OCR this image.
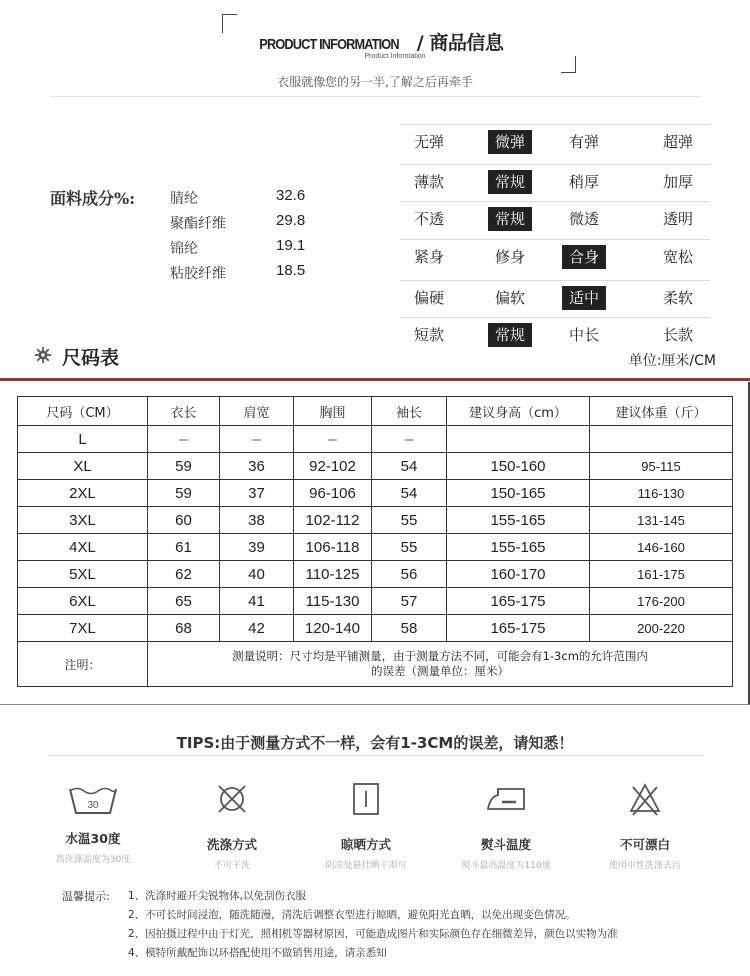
PRODUCT INFORMATION / 商品信息
Product Information
衣服就像您的另一半,了解之后再牵手
面料成分%: 腈纶	32.6
聚酯纤维	29.8
锦纶	19.1
粘胶纤维	18.5
无弹	微弹	有弹	超弹
薄款	常规	稍厚	加厚
不透	常规	微透	透明
紧身	修身	合身	宽松
偏硬	偏软	适中	柔软
短款	常规	中长	长款
尺码表	单位:厘米/CM
尺码（CM）	衣长	肩宽	胸围	袖长	建议身高（cm）	建议体重（斤）
L	–	–	–	–		
XL	59	36	92-102	54	150-160	95-115
2XL	59	37	96-106	54	150-165	116-130
3XL	60	38	102-112	55	155-165	131-145
4XL	61	39	106-118	55	155-165	146-160
5XL	62	40	110-125	56	160-170	161-175
6XL	65	41	115-130	57	165-175	176-200
7XL	68	42	120-140	58	165-175	200-220
注明：	测量说明：尺寸均是平铺测量，由于测量方法不同，可能会有1-3cm的允许范围内
的误差（测量单位：厘米）					
TIPS:由于测量方式不一样，会有1-3CM的误差，请知悉！
30
水温30度
高洗涤温度为30度
洗涤方式
不可干洗
晾晒方式
阴凉处悬挂晒干即可
熨斗温度
熨斗最高温度为110度
不可漂白
使用中性洗涤去污
温馨提示: 1、洗涤时避开尖锐物体,以免刮伤衣服
2、不可长时间浸泡，随洗随漫，清洗后调整衣型进行晾晒，避免阳光直晒，以免出现变色情况。
2、因拍摄过程中由于灯光，照相机等器材原因，可能造成图片和实际颜色存在细微差异，颜色以实物为准
4、模特所戴配饰以环搭配使用不做销售用途，请亲悉知
